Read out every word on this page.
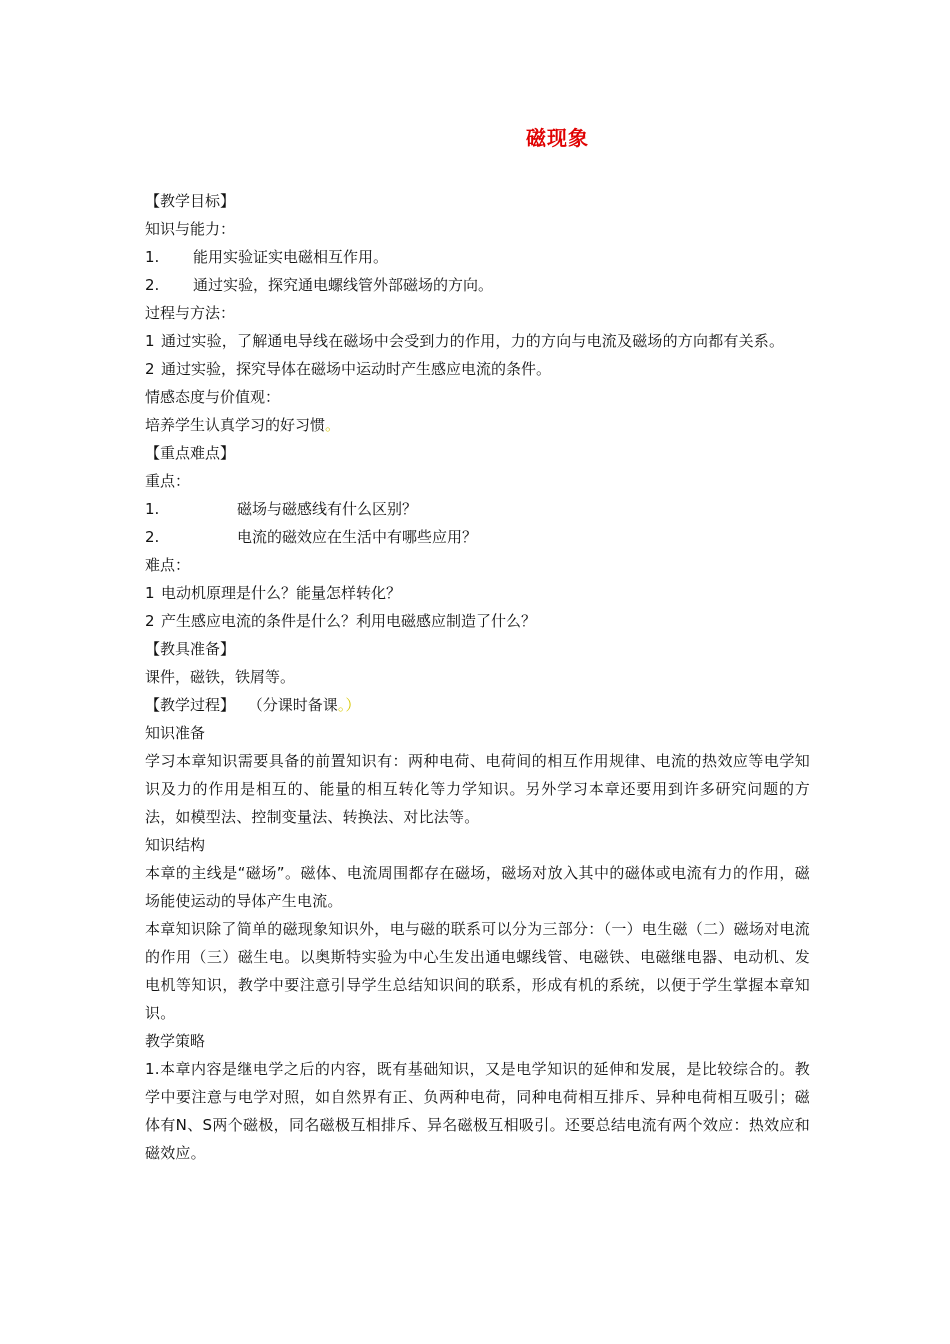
磁现象
【教学目标】
知识与能力：
1.	能用实验证实电磁相互作用。
2.	通过实验，探究通电螺线管外部磁场的方向。
过程与方法：
1 通过实验，了解通电导线在磁场中会受到力的作用，力的方向与电流及磁场的方向都有关系。
2 通过实验，探究导体在磁场中运动时产生感应电流的条件。
情感态度与价值观：
培养学生认真学习的好习惯。
【重点难点】
重点：
1.	磁场与磁感线有什么区别？
2.	电流的磁效应在生活中有哪些应用？
难点：
1 电动机原理是什么？能量怎样转化？
2 产生感应电流的条件是什么？利用电磁感应制造了什么？
【教具准备】
课件，磁铁，铁屑等。
【教学过程】 （分课时备课。）
知识准备
学习本章知识需要具备的前置知识有：两种电荷、电荷间的相互作用规律、电流的热效应等电学知识及力的作用是相互的、能量的相互转化等力学知识。另外学习本章还要用到许多研究问题的方法，如模型法、控制变量法、转换法、对比法等。
知识结构
本章的主线是“磁场”。磁体、电流周围都存在磁场，磁场对放入其中的磁体或电流有力的作用，磁场能使运动的导体产生电流。
本章知识除了简单的磁现象知识外，电与磁的联系可以分为三部分：（一）电生磁（二）磁场对电流的作用（三）磁生电。以奥斯特实验为中心生发出通电螺线管、电磁铁、电磁继电器、电动机、发电机等知识，教学中要注意引导学生总结知识间的联系，形成有机的系统，以便于学生掌握本章知识。
教学策略
1.本章内容是继电学之后的内容，既有基础知识，又是电学知识的延伸和发展，是比较综合的。教学中要注意与电学对照，如自然界有正、负两种电荷，同种电荷相互排斥、异种电荷相互吸引；磁体有N、S两个磁极，同名磁极互相排斥、异名磁极互相吸引。还要总结电流有两个效应：热效应和磁效应。
